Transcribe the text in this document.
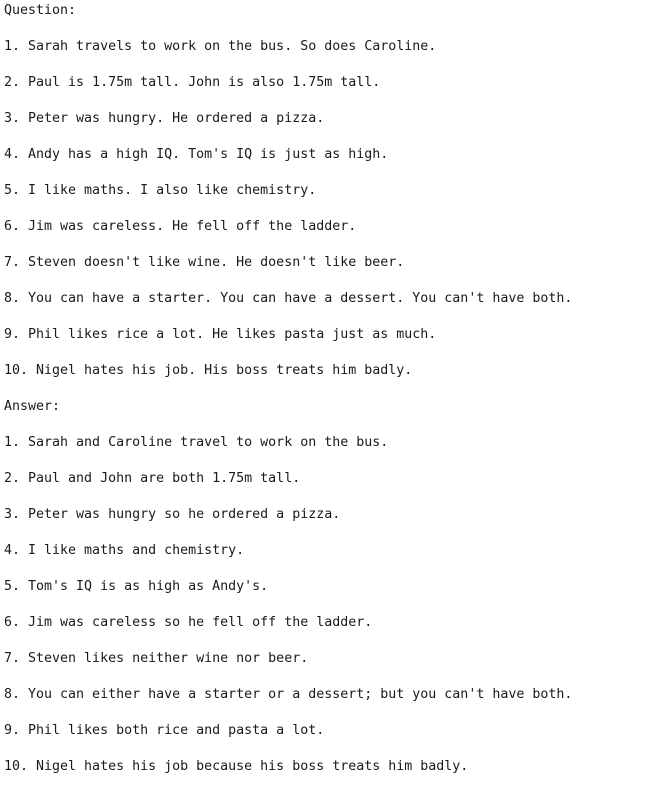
Question:
1. Sarah travels to work on the bus. So does Caroline.
2. Paul is 1.75m tall. John is also 1.75m tall.
3. Peter was hungry. He ordered a pizza.
4. Andy has a high IQ. Tom's IQ is just as high.
5. I like maths. I also like chemistry.
6. Jim was careless. He fell off the ladder.
7. Steven doesn't like wine. He doesn't like beer.
8. You can have a starter. You can have a dessert. You can't have both.
9. Phil likes rice a lot. He likes pasta just as much.
10. Nigel hates his job. His boss treats him badly.
Answer:
1. Sarah and Caroline travel to work on the bus.
2. Paul and John are both 1.75m tall.
3. Peter was hungry so he ordered a pizza.
4. I like maths and chemistry.
5. Tom's IQ is as high as Andy's.
6. Jim was careless so he fell off the ladder.
7. Steven likes neither wine nor beer.
8. You can either have a starter or a dessert; but you can't have both.
9. Phil likes both rice and pasta a lot.
10. Nigel hates his job because his boss treats him badly.
